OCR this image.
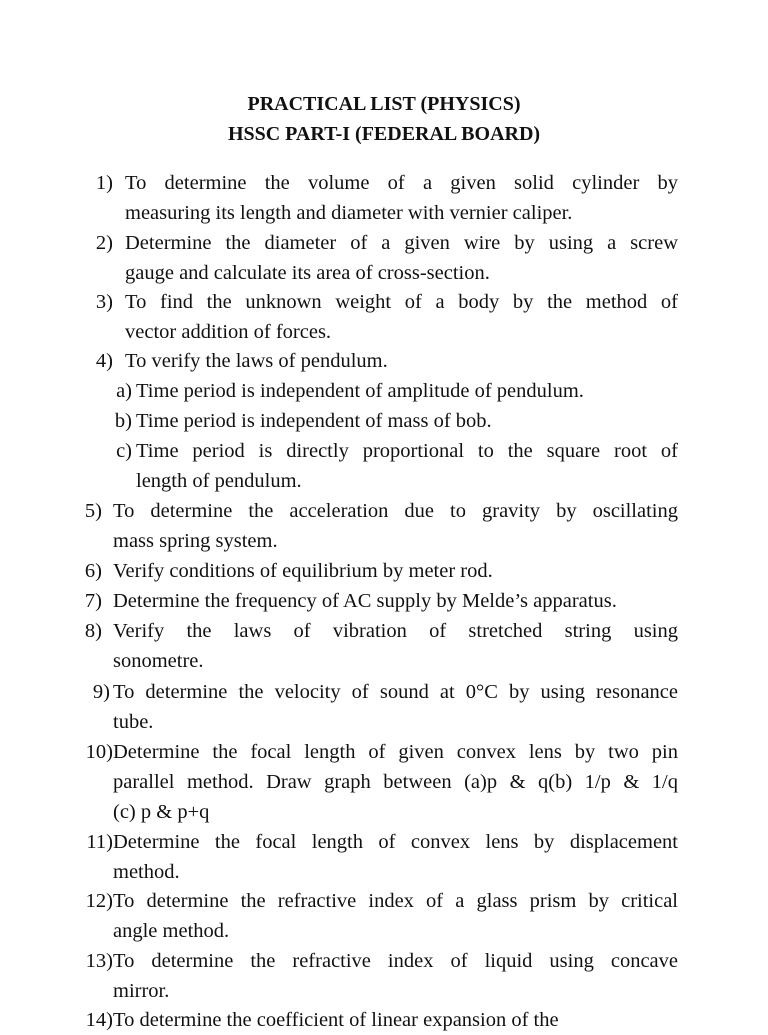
PRACTICAL LIST (PHYSICS)
HSSC PART-I (FEDERAL BOARD)
1) To determine the volume of a given solid cylinder by
measuring its length and diameter with vernier caliper.
2) Determine the diameter of a given wire by using a screw
gauge and calculate its area of cross-section.
3) To find the unknown weight of a body by the method of
vector addition of forces.
4) To verify the laws of pendulum.
a) Time period is independent of amplitude of pendulum.
b) Time period is independent of mass of bob.
c) Time period is directly proportional to the square root of
length of pendulum.
5) To determine the acceleration due to gravity by oscillating
mass spring system.
6) Verify conditions of equilibrium by meter rod.
7) Determine the frequency of AC supply by Melde’s apparatus.
8) Verify the laws of vibration of stretched string using
sonometre.
9) To determine the velocity of sound at 0°C by using resonance
tube.
10) Determine the focal length of given convex lens by two pin
parallel method. Draw graph between (a)p & q(b) 1/p & 1/q
(c) p & p+q
11) Determine the focal length of convex lens by displacement
method.
12) To determine the refractive index of a glass prism by critical
angle method.
13) To determine the refractive index of liquid using concave
mirror.
14) To determine the coefficient of linear expansion of the
